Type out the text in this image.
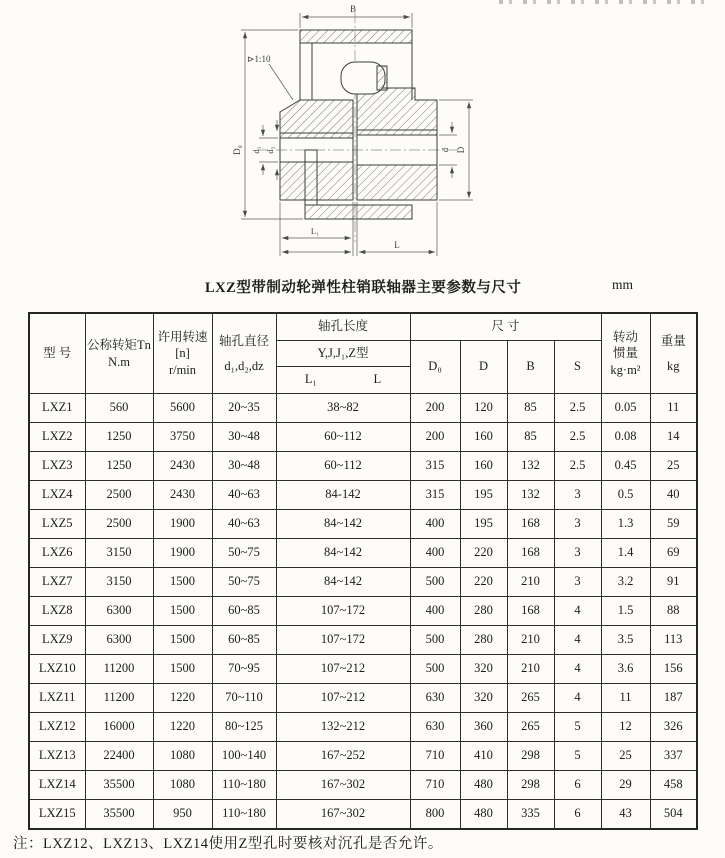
B
D₀ d₁ d₂	d D
L₁
L
⊳1:10
LXZ型带制动轮弹性柱销联轴器主要参数与尺寸	mm
型 号	
公称转矩Tn
N.m

许用转速
[n]
r/min

轴孔直径
d₁,d₂,dz
	轴孔长度	尺 寸	
转动
惯量
kg·m²

重量
kg

				Y,J,J₁,Z型	D₀	D	B	S		

				L₁ L						

LXZ1	560	5600	20~35	38~82	200	120	85	2.5	0.05	11
LXZ2	1250	3750	30~48	60~112	200	160	85	2.5	0.08	14
LXZ3	1250	2430	30~48	60~112	315	160	132	2.5	0.45	25
LXZ4	2500	2430	40~63	84-142	315	195	132	3	0.5	40
LXZ5	2500	1900	40~63	84~142	400	195	168	3	1.3	59
LXZ6	3150	1900	50~75	84~142	400	220	168	3	1.4	69
LXZ7	3150	1500	50~75	84~142	500	220	210	3	3.2	91
LXZ8	6300	1500	60~85	107~172	400	280	168	4	1.5	88
LXZ9	6300	1500	60~85	107~172	500	280	210	4	3.5	113
LXZ10	11200	1500	70~95	107~212	500	320	210	4	3.6	156
LXZ11	11200	1220	70~110	107~212	630	320	265	4	11	187
LXZ12	16000	1220	80~125	132~212	630	360	265	5	12	326
LXZ13	22400	1080	100~140	167~252	710	410	298	5	25	337
LXZ14	35500	1080	110~180	167~302	710	480	298	6	29	458
LXZ15	35500	950	110~180	167~302	800	480	335	6	43	504
注：LXZ12、LXZ13、LXZ14使用Z型孔时要核对沉孔是否允许。
